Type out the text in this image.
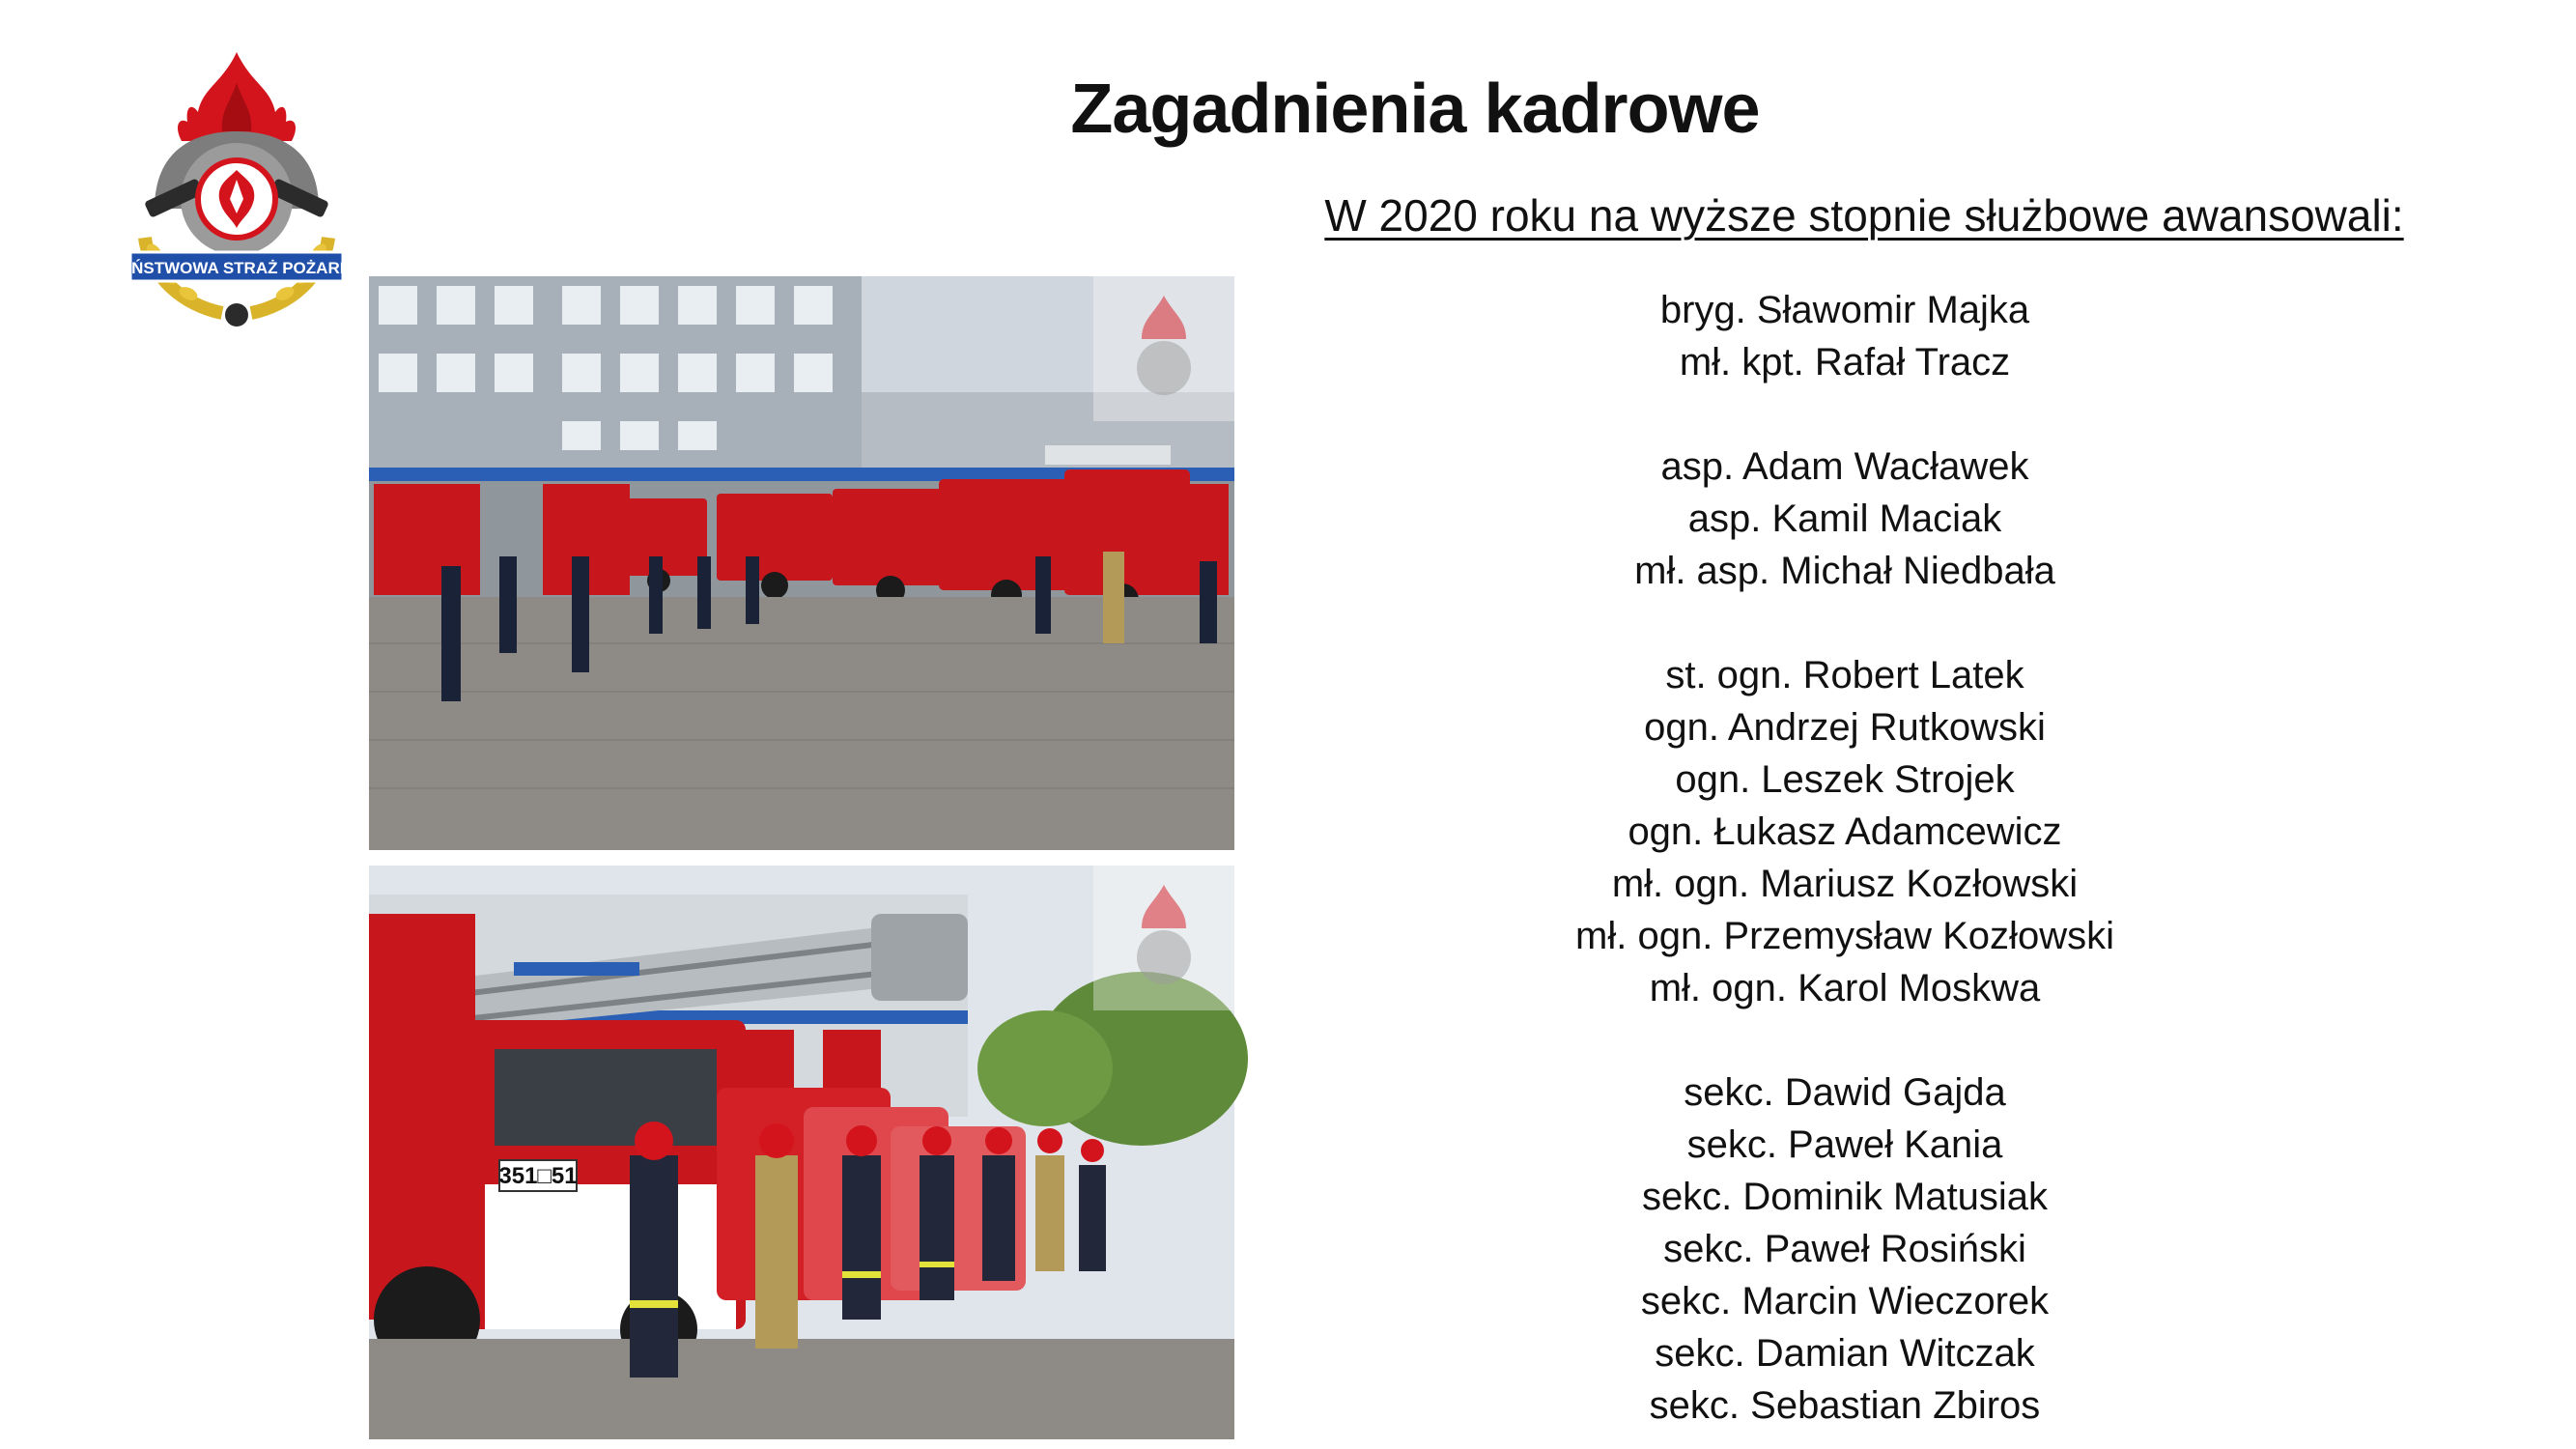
PAŃSTWOWA STRAŻ POŻARNA
Zagadnienia kadrowe

W 2020 roku na wyższe stopnie służbowe awansowali:

351□51
bryg. Sławomir Majka
mł. kpt. Rafał Tracz
asp. Adam Wacławek
asp. Kamil Maciak
mł. asp. Michał Niedbała
st. ogn. Robert Latek
ogn. Andrzej Rutkowski
ogn. Leszek Strojek
ogn. Łukasz Adamcewicz
mł. ogn. Mariusz Kozłowski
mł. ogn. Przemysław Kozłowski
mł. ogn. Karol Moskwa
sekc. Dawid Gajda
sekc. Paweł Kania
sekc. Dominik Matusiak
sekc. Paweł Rosiński
sekc. Marcin Wieczorek
sekc. Damian Witczak
sekc. Sebastian Zbiros
